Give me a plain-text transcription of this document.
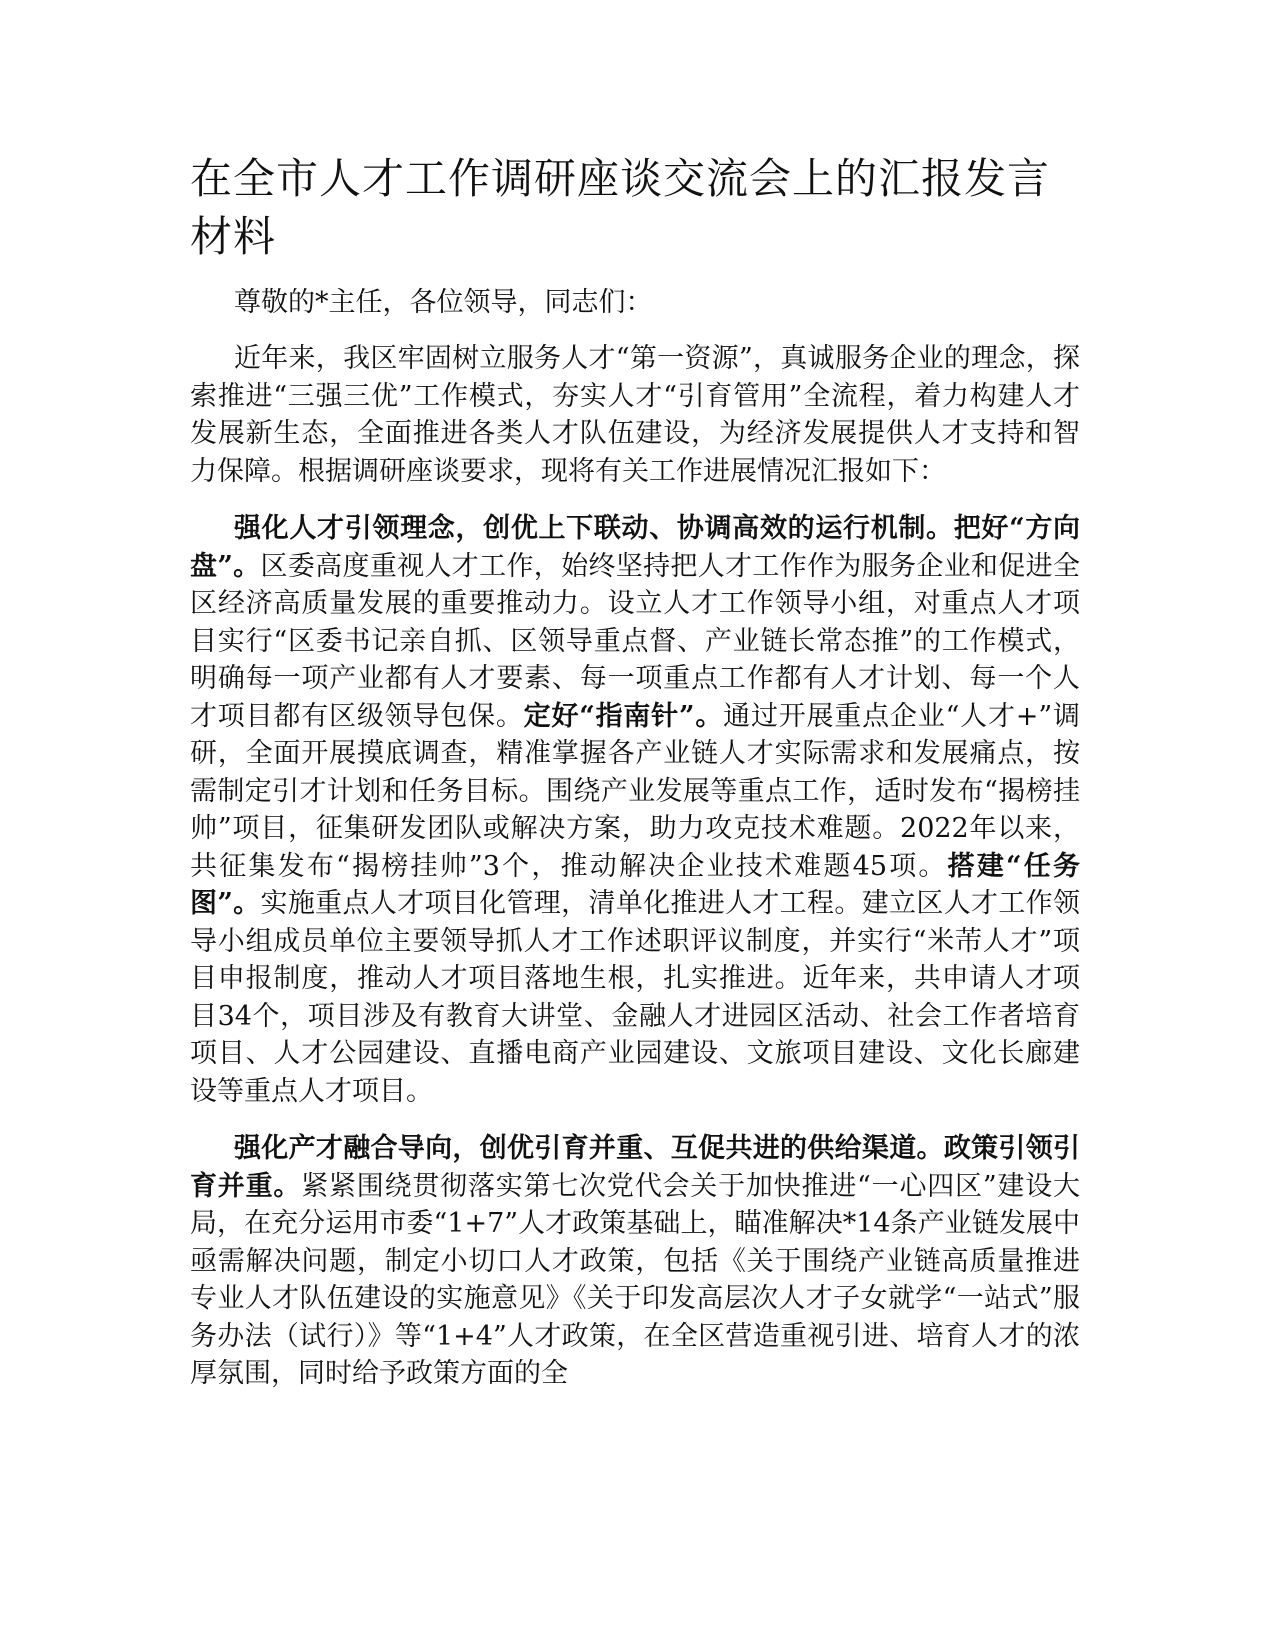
在全市人才工作调研座谈交流会上的汇报发言材料

尊敬的*主任，各位领导，同志们：

近年来，我区牢固树立服务人才“第一资源”，真诚服务企业的理念，探索推进“三强三优”工作模式，夯实人才“引育管用”全流程，着力构建人才发展新生态，全面推进各类人才队伍建设，为经济发展提供人才支持和智力保障。根据调研座谈要求，现将有关工作进展情况汇报如下：

强化人才引领理念，创优上下联动、协调高效的运行机制。把好“方向盘”。区委高度重视人才工作，始终坚持把人才工作作为服务企业和促进全区经济高质量发展的重要推动力。设立人才工作领导小组，对重点人才项目实行“区委书记亲自抓、区领导重点督、产业链长常态推”的工作模式，明确每一项产业都有人才要素、每一项重点工作都有人才计划、每一个人才项目都有区级领导包保。定好“指南针”。通过开展重点企业“人才+”调研，全面开展摸底调查，精准掌握各产业链人才实际需求和发展痛点，按需制定引才计划和任务目标。围绕产业发展等重点工作，适时发布“揭榜挂帅”项目，征集研发团队或解决方案，助力攻克技术难题。2022年以来，共征集发布“揭榜挂帅”3个，推动解决企业技术难题45项。搭建“任务图”。实施重点人才项目化管理，清单化推进人才工程。建立区人才工作领导小组成员单位主要领导抓人才工作述职评议制度，并实行“米芾人才”项目申报制度，推动人才项目落地生根，扎实推进。近年来，共申请人才项目34个，项目涉及有教育大讲堂、金融人才进园区活动、社会工作者培育项目、人才公园建设、直播电商产业园建设、文旅项目建设、文化长廊建设等重点人才项目。

强化产才融合导向，创优引育并重、互促共进的供给渠道。政策引领引育并重。紧紧围绕贯彻落实第七次党代会关于加快推进“一心四区”建设大局，在充分运用市委“1+7”人才政策基础上，瞄准解决*14条产业链发展中亟需解决问题，制定小切口人才政策，包括《关于围绕产业链高质量推进专业人才队伍建设的实施意见》《关于印发高层次人才子女就学“一站式”服务办法（试行）》等“1+4”人才政策，在全区营造重视引进、培育人才的浓厚氛围，同时给予政策方面的全
